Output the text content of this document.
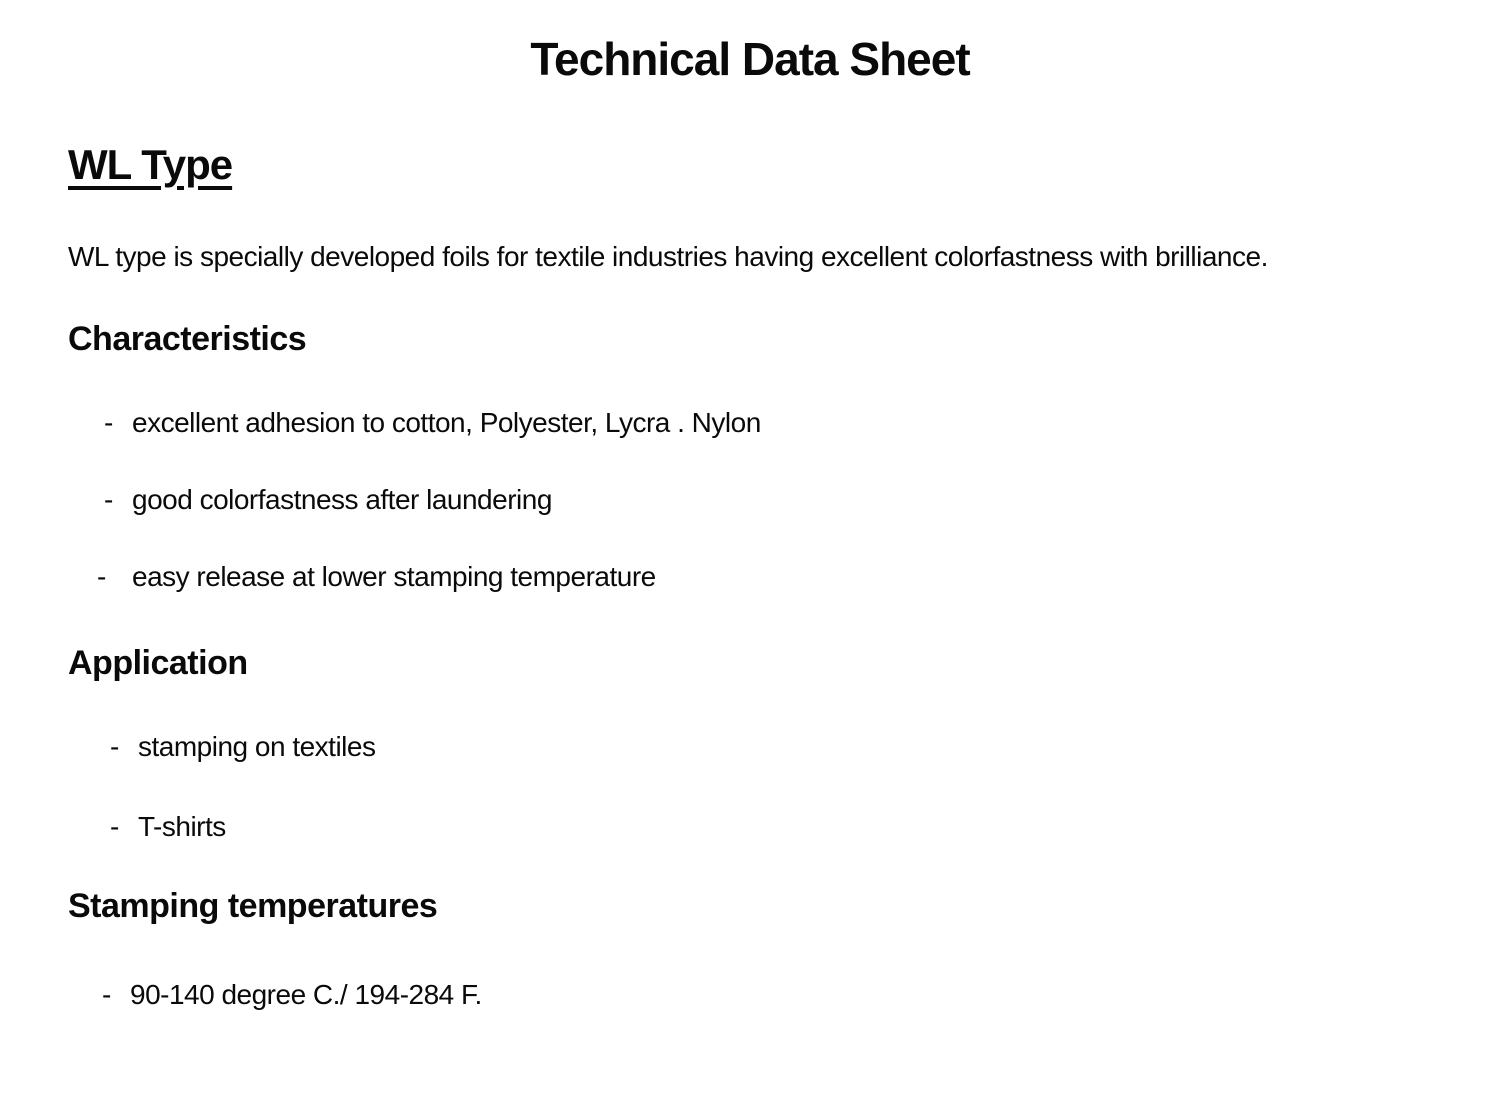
Technical Data Sheet
WL Type

WL type is specially developed foils for textile industries having excellent colorfastness with brilliance.

Characteristics
- excellent adhesion to cotton, Polyester, Lycra . Nylon
- good colorfastness after laundering
- easy release at lower stamping temperature
Application
- stamping on textiles
- T-shirts
Stamping temperatures
- 90-140 degree C./ 194-284 F.
